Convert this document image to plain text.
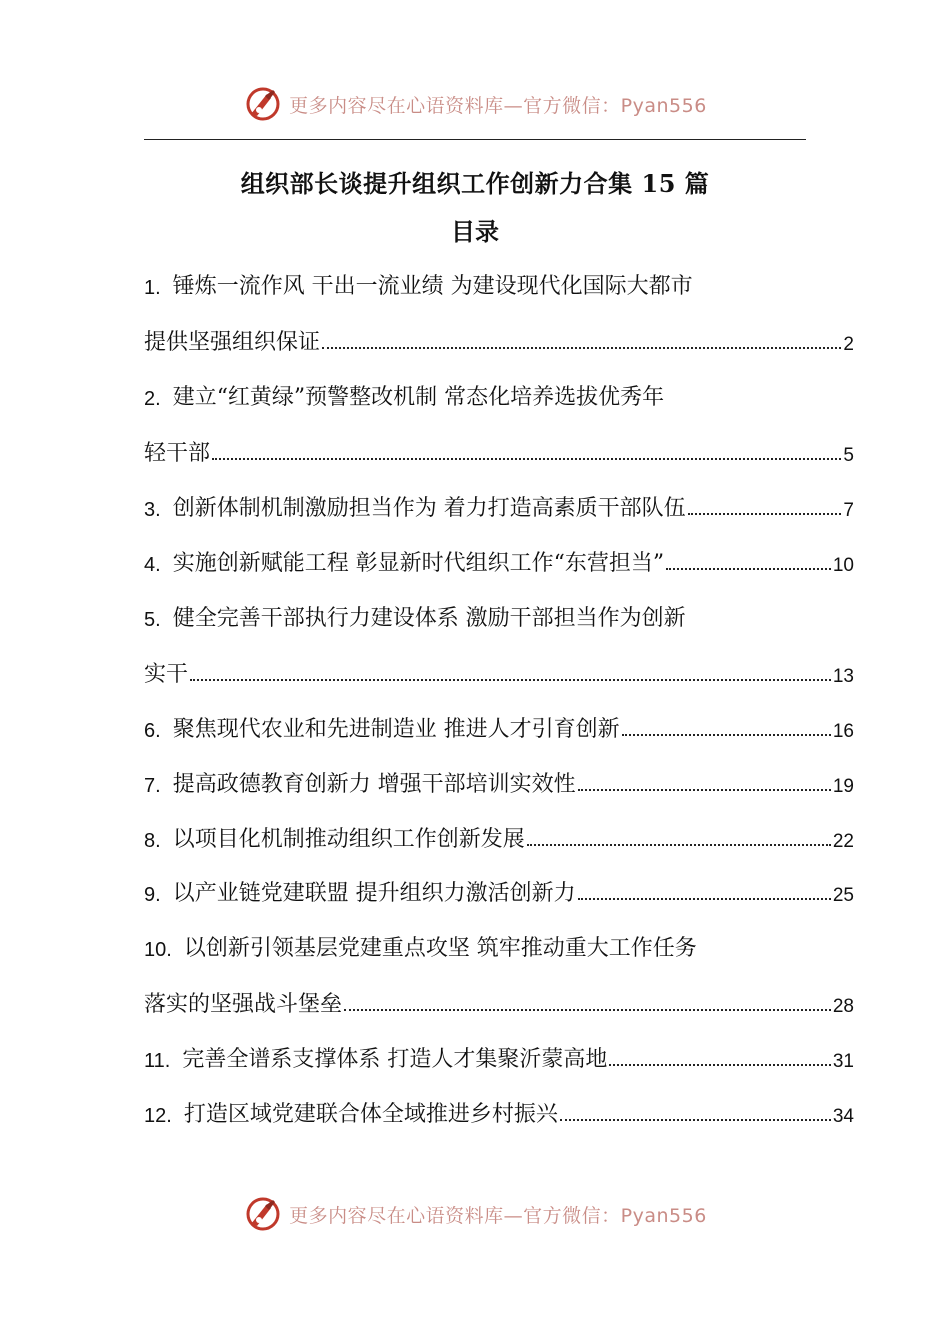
更多内容尽在心语资料库—官方微信：Pyan556
组织部长谈提升组织工作创新力合集 15 篇
目录
1. 锤炼一流作风 干出一流业绩 为建设现代化国际大都市
提供坚强组织保证	2
2. 建立“红黄绿”预警整改机制 常态化培养选拔优秀年
轻干部	5
3. 创新体制机制激励担当作为 着力打造高素质干部队伍	7
4. 实施创新赋能工程 彰显新时代组织工作“东营担当”	10
5. 健全完善干部执行力建设体系 激励干部担当作为创新
实干	13
6. 聚焦现代农业和先进制造业 推进人才引育创新	16
7. 提高政德教育创新力 增强干部培训实效性	19
8. 以项目化机制推动组织工作创新发展	22
9. 以产业链党建联盟 提升组织力激活创新力	25
10. 以创新引领基层党建重点攻坚 筑牢推动重大工作任务
落实的坚强战斗堡垒	28
11. 完善全谱系支撑体系 打造人才集聚沂蒙高地	31
12. 打造区域党建联合体全域推进乡村振兴	34
更多内容尽在心语资料库—官方微信：Pyan556
